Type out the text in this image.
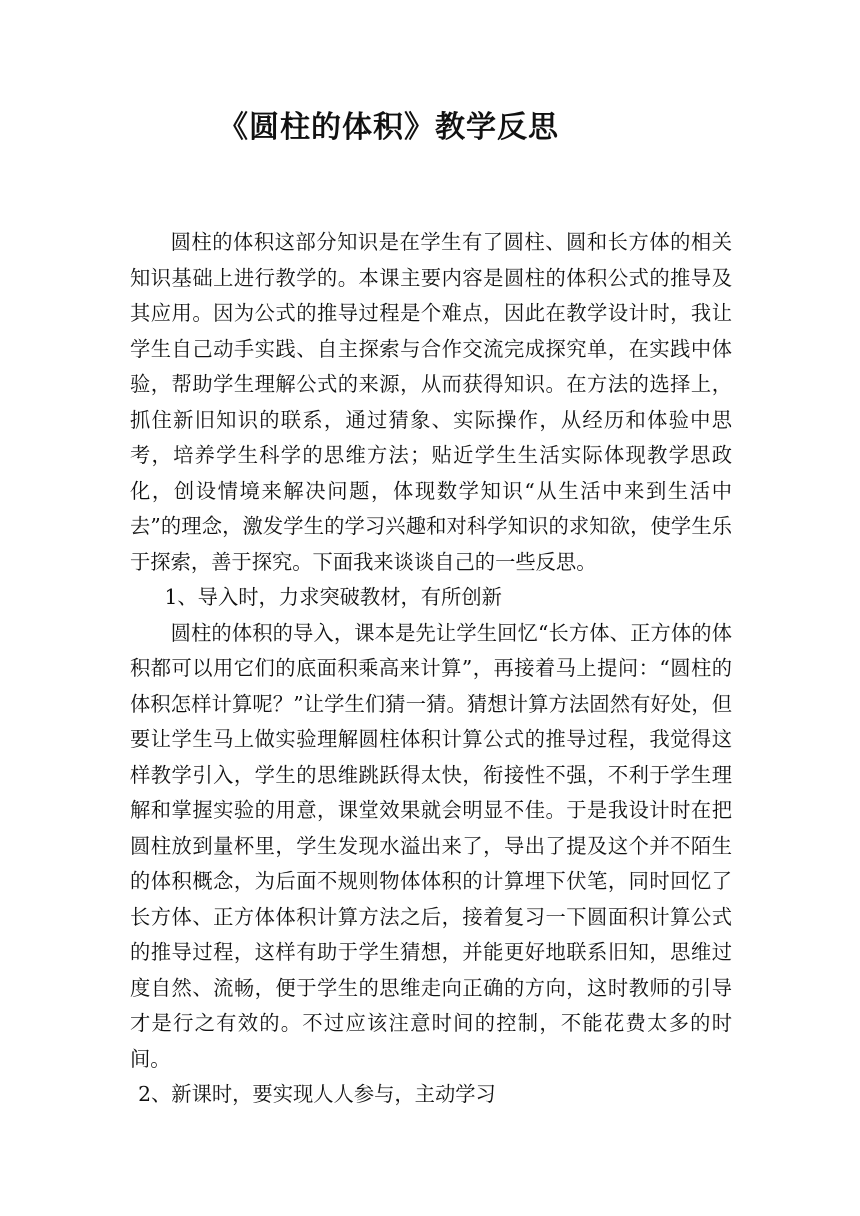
《圆柱的体积》教学反思

圆柱的体积这部分知识是在学生有了圆柱、圆和长方体的相关知识基础上进行教学的。本课主要内容是圆柱的体积公式的推导及其应用。因为公式的推导过程是个难点，因此在教学设计时，我让学生自己动手实践、自主探索与合作交流完成探究单，在实践中体验，帮助学生理解公式的来源，从而获得知识。在方法的选择上，抓住新旧知识的联系，通过猜象、实际操作，从经历和体验中思考，培养学生科学的思维方法；贴近学生生活实际体现教学思政化，创设情境来解决问题，体现数学知识“从生活中来到生活中去”的理念，激发学生的学习兴趣和对科学知识的求知欲，使学生乐于探索，善于探究。下面我来谈谈自己的一些反思。

1、导入时，力求突破教材，有所创新

圆柱的体积的导入，课本是先让学生回忆“长方体、正方体的体积都可以用它们的底面积乘高来计算”，再接着马上提问：“圆柱的体积怎样计算呢？”让学生们猜一猜。猜想计算方法固然有好处，但要让学生马上做实验理解圆柱体积计算公式的推导过程，我觉得这样教学引入，学生的思维跳跃得太快，衔接性不强，不利于学生理解和掌握实验的用意，课堂效果就会明显不佳。于是我设计时在把圆柱放到量杯里，学生发现水溢出来了，导出了提及这个并不陌生的体积概念，为后面不规则物体体积的计算埋下伏笔，同时回忆了长方体、正方体体积计算方法之后，接着复习一下圆面积计算公式的推导过程，这样有助于学生猜想，并能更好地联系旧知，思维过度自然、流畅，便于学生的思维走向正确的方向，这时教师的引导才是行之有效的。不过应该注意时间的控制，不能花费太多的时间。

2、新课时，要实现人人参与，主动学习
